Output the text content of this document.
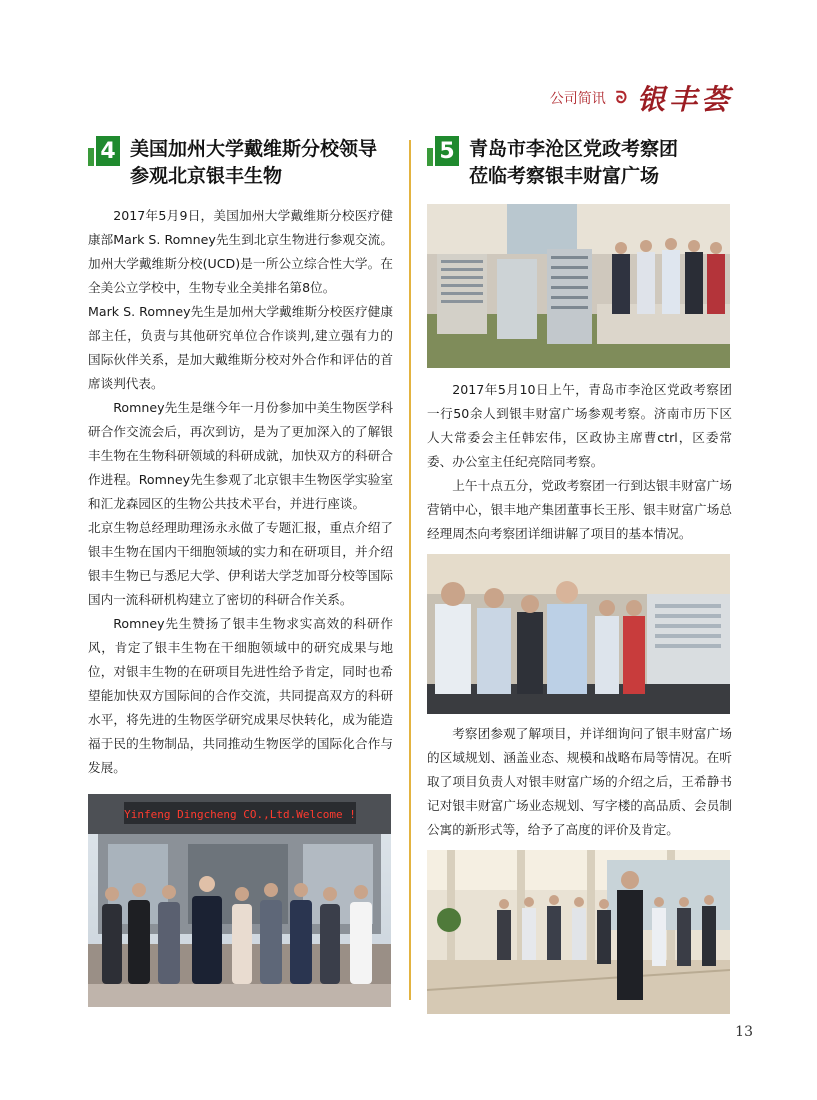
公司简讯 ᘐ 银丰荟
4 美国加州大学戴维斯分校领导
参观北京银丰生物

2017年5月9日，美国加州大学戴维斯分校医疗健康部Mark S. Romney先生到北京生物进行参观交流。加州大学戴维斯分校(UCD)是一所公立综合性大学。在全美公立学校中，生物专业全美排名第8位。

Mark S. Romney先生是加州大学戴维斯分校医疗健康部主任，负责与其他研究单位合作谈判,建立强有力的国际伙伴关系，是加大戴维斯分校对外合作和评估的首席谈判代表。

Romney先生是继今年一月份参加中美生物医学科研合作交流会后，再次到访，是为了更加深入的了解银丰生物在生物科研领域的科研成就，加快双方的科研合作进程。Romney先生参观了北京银丰生物医学实验室和汇龙森园区的生物公共技术平台，并进行座谈。

北京生物总经理助理汤永永做了专题汇报，重点介绍了银丰生物在国内干细胞领域的实力和在研项目，并介绍银丰生物已与悉尼大学、伊利诺大学芝加哥分校等国际国内一流科研机构建立了密切的科研合作关系。

Romney先生赞扬了银丰生物求实高效的科研作风，肯定了银丰生物在干细胞领域中的研究成果与地位，对银丰生物的在研项目先进性给予肯定，同时也希望能加快双方国际间的合作交流，共同提高双方的科研水平，将先进的生物医学研究成果尽快转化，成为能造福于民的生物制品，共同推动生物医学的国际化合作与发展。

Yinfeng Dingcheng CO.,Ltd.Welcome !
5 青岛市李沧区党政考察团
莅临考察银丰财富广场

2017年5月10日上午，青岛市李沧区党政考察团一行50余人到银丰财富广场参观考察。济南市历下区人大常委会主任韩宏伟，区政协主席曹ctrl，区委常委、办公室主任纪亮陪同考察。

上午十点五分，党政考察团一行到达银丰财富广场营销中心，银丰地产集团董事长王彤、银丰财富广场总经理周杰向考察团详细讲解了项目的基本情况。

考察团参观了解项目，并详细询问了银丰财富广场的区域规划、涵盖业态、规模和战略布局等情况。在听取了项目负责人对银丰财富广场的介绍之后，王希静书记对银丰财富广场业态规划、写字楼的高品质、会员制公寓的新形式等，给予了高度的评价及肯定。

13
